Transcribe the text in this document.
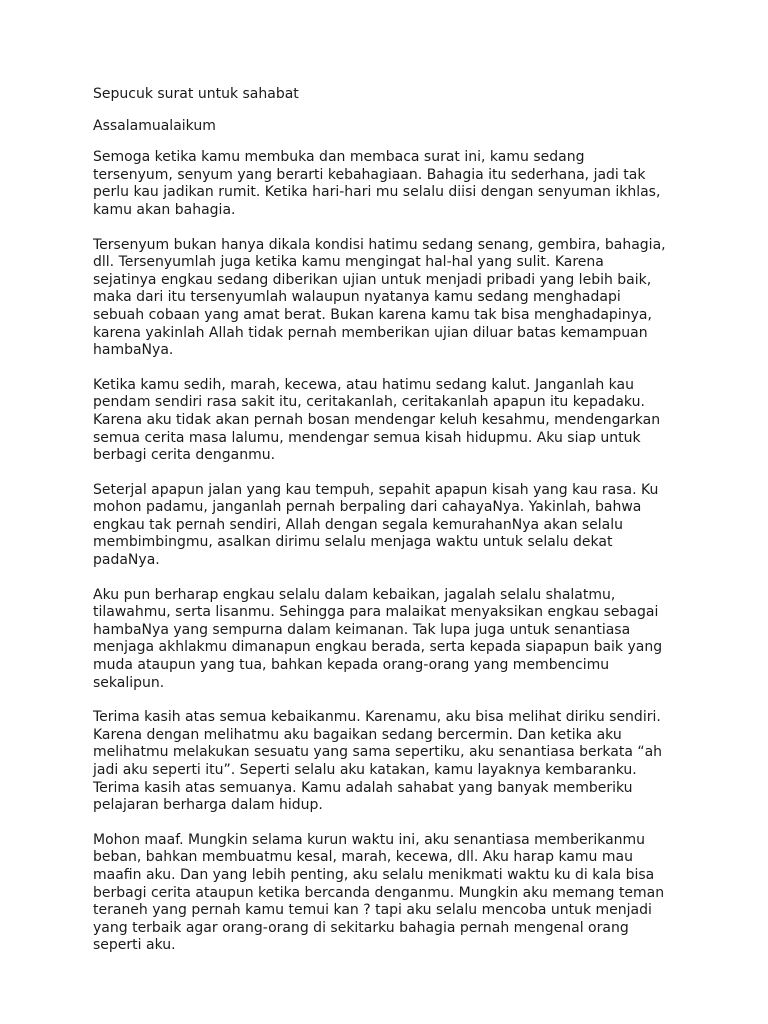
Sepucuk surat untuk sahabat

Assalamualaikum

Semoga ketika kamu membuka dan membaca surat ini, kamu sedang
tersenyum, senyum yang berarti kebahagiaan. Bahagia itu sederhana, jadi tak
perlu kau jadikan rumit. Ketika hari-hari mu selalu diisi dengan senyuman ikhlas,
kamu akan bahagia.

Tersenyum bukan hanya dikala kondisi hatimu sedang senang, gembira, bahagia,
dll. Tersenyumlah juga ketika kamu mengingat hal-hal yang sulit. Karena
sejatinya engkau sedang diberikan ujian untuk menjadi pribadi yang lebih baik,
maka dari itu tersenyumlah walaupun nyatanya kamu sedang menghadapi
sebuah cobaan yang amat berat. Bukan karena kamu tak bisa menghadapinya,
karena yakinlah Allah tidak pernah memberikan ujian diluar batas kemampuan
hambaNya.

Ketika kamu sedih, marah, kecewa, atau hatimu sedang kalut. Janganlah kau
pendam sendiri rasa sakit itu, ceritakanlah, ceritakanlah apapun itu kepadaku.
Karena aku tidak akan pernah bosan mendengar keluh kesahmu, mendengarkan
semua cerita masa lalumu, mendengar semua kisah hidupmu. Aku siap untuk
berbagi cerita denganmu.

Seterjal apapun jalan yang kau tempuh, sepahit apapun kisah yang kau rasa. Ku
mohon padamu, janganlah pernah berpaling dari cahayaNya. Yakinlah, bahwa
engkau tak pernah sendiri, Allah dengan segala kemurahanNya akan selalu
membimbingmu, asalkan dirimu selalu menjaga waktu untuk selalu dekat
padaNya.

Aku pun berharap engkau selalu dalam kebaikan, jagalah selalu shalatmu,
tilawahmu, serta lisanmu. Sehingga para malaikat menyaksikan engkau sebagai
hambaNya yang sempurna dalam keimanan. Tak lupa juga untuk senantiasa
menjaga akhlakmu dimanapun engkau berada, serta kepada siapapun baik yang
muda ataupun yang tua, bahkan kepada orang-orang yang membencimu
sekalipun.

Terima kasih atas semua kebaikanmu. Karenamu, aku bisa melihat diriku sendiri.
Karena dengan melihatmu aku bagaikan sedang bercermin. Dan ketika aku
melihatmu melakukan sesuatu yang sama sepertiku, aku senantiasa berkata “ah
jadi aku seperti itu”. Seperti selalu aku katakan, kamu layaknya kembaranku.
Terima kasih atas semuanya. Kamu adalah sahabat yang banyak memberiku
pelajaran berharga dalam hidup.

Mohon maaf. Mungkin selama kurun waktu ini, aku senantiasa memberikanmu
beban, bahkan membuatmu kesal, marah, kecewa, dll. Aku harap kamu mau
maafin aku. Dan yang lebih penting, aku selalu menikmati waktu ku di kala bisa
berbagi cerita ataupun ketika bercanda denganmu. Mungkin aku memang teman
teraneh yang pernah kamu temui kan ? tapi aku selalu mencoba untuk menjadi
yang terbaik agar orang-orang di sekitarku bahagia pernah mengenal orang
seperti aku.
